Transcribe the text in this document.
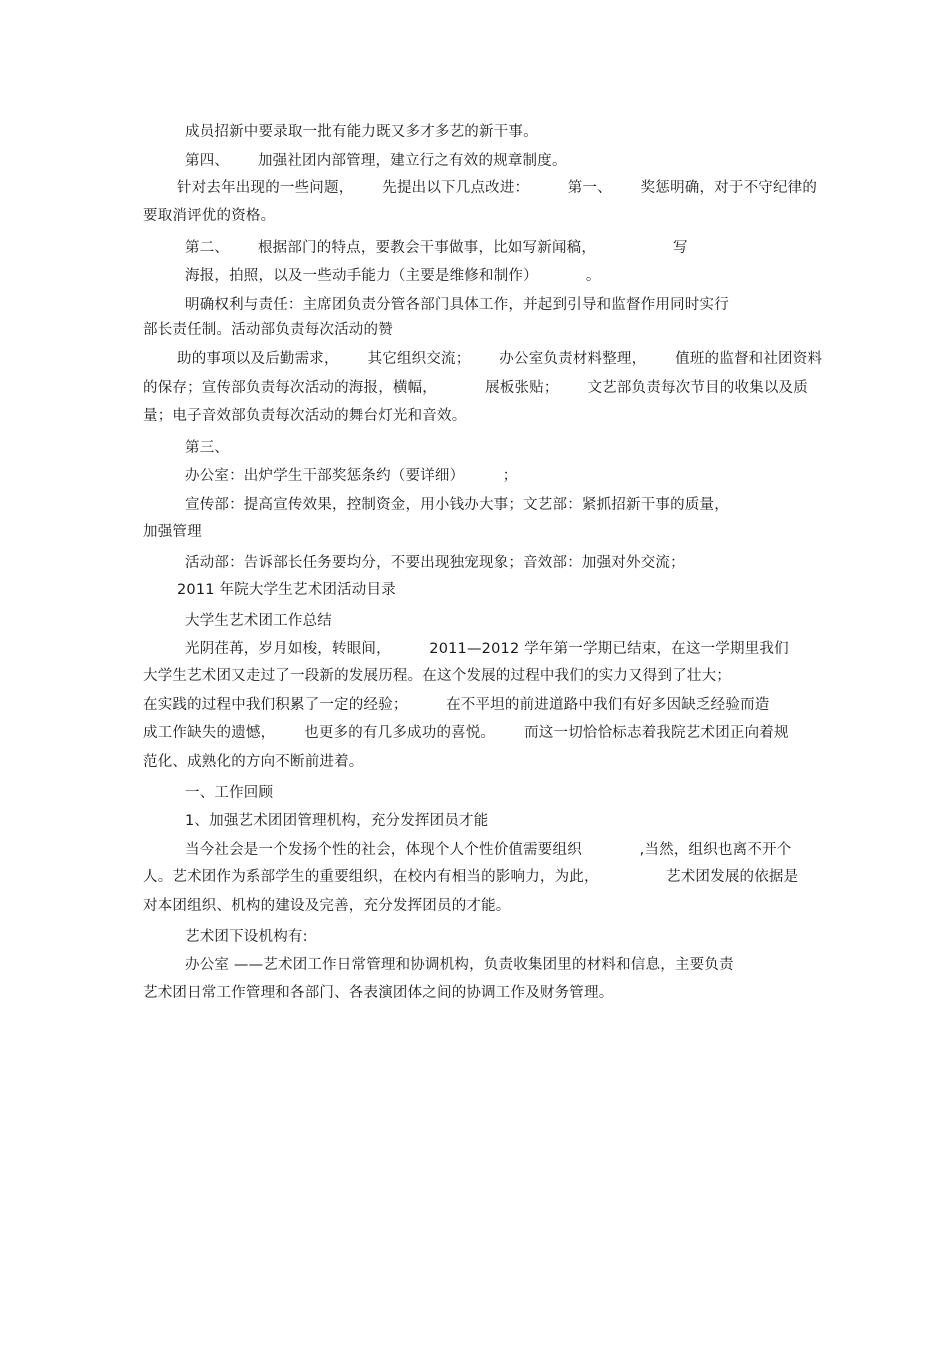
成员招新中要录取一批有能力既又多才多艺的新干事。
第四、      加强社团内部管理，建立行之有效的规章制度。
针对去年出现的一些问题，      先提出以下几点改进：        第一、      奖惩明确，对于不守纪律的
要取消评优的资格。
第二、      根据部门的特点，要教会干事做事，比如写新闻稿，                写
海报，拍照，以及一些动手能力（主要是维修和制作）          。
明确权利与责任：主席团负责分管各部门具体工作，并起到引导和监督作用同时实行
部长责任制。活动部负责每次活动的赞
助的事项以及后勤需求，      其它组织交流；      办公室负责材料整理，      值班的监督和社团资料
的保存；宣传部负责每次活动的海报，横幅，          展板张贴；      文艺部负责每次节目的收集以及质
量；电子音效部负责每次活动的舞台灯光和音效。
第三、
办公室：出炉学生干部奖惩条约（要详细）        ；
宣传部：提高宣传效果，控制资金，用小钱办大事；文艺部：紧抓招新干事的质量，
加强管理
活动部：告诉部长任务要均分，不要出现独宠现象；音效部：加强对外交流；
2011 年院大学生艺术团活动目录
大学生艺术团工作总结
光阴荏苒，岁月如梭，转眼间，        2011—2012 学年第一学期已结束，在这一学期里我们
大学生艺术团又走过了一段新的发展历程。在这个发展的过程中我们的实力又得到了壮大；
在实践的过程中我们积累了一定的经验；        在不平坦的前进道路中我们有好多因缺乏经验而造
成工作缺失的遗憾，      也更多的有几多成功的喜悦。      而这一切恰恰标志着我院艺术团正向着规
范化、成熟化的方向不断前进着。
一、工作回顾
1、加强艺术团团管理机构，充分发挥团员才能
当今社会是一个发扬个性的社会，体现个人个性价值需要组织            ,当然，组织也离不开个
人。艺术团作为系部学生的重要组织，在校内有相当的影响力，为此，              艺术团发展的依据是
对本团组织、机构的建设及完善，充分发挥团员的才能。
艺术团下设机构有:
办公室 ——艺术团工作日常管理和协调机构，负责收集团里的材料和信息，主要负责
艺术团日常工作管理和各部门、各表演团体之间的协调工作及财务管理。
